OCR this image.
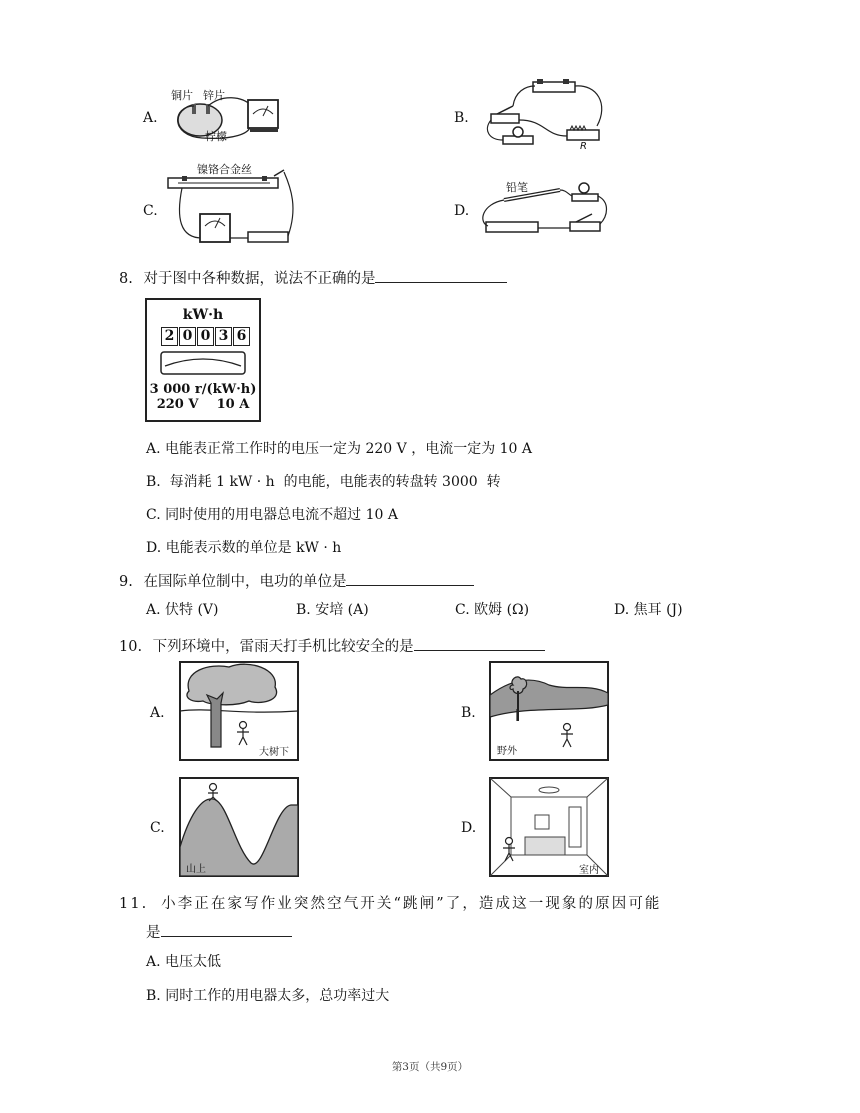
A.
铜片 锌片
柠檬
B.
R
C.
镍铬合金丝
D.
铅笔
8. 对于图中各种数据，说法不正确的是
kW·h
2 0 0 3 6
3 000 r/(kW·h)
220 V    10 A
A. 电能表正常工作时的电压一定为 220 V ，电流一定为 10 A
B.  每消耗 1 kW · h  的电能，电能表的转盘转 3000  转
C. 同时使用的用电器总电流不超过 10 A
D. 电能表示数的单位是 kW · h
9. 在国际单位制中，电功的单位是
A. 伏特 (V)	B. 安培 (A)	C. 欧姆 (Ω)	D. 焦耳 (J)
10. 下列环境中，雷雨天打手机比较安全的是
A.
大树下
B.
野外
C.
山上
D.
室内
11. 小李正在家写作业突然空气开关“跳闸”了，造成这一现象的原因可能
是
A. 电压太低
B. 同时工作的用电器太多，总功率过大
第3页（共9页）
